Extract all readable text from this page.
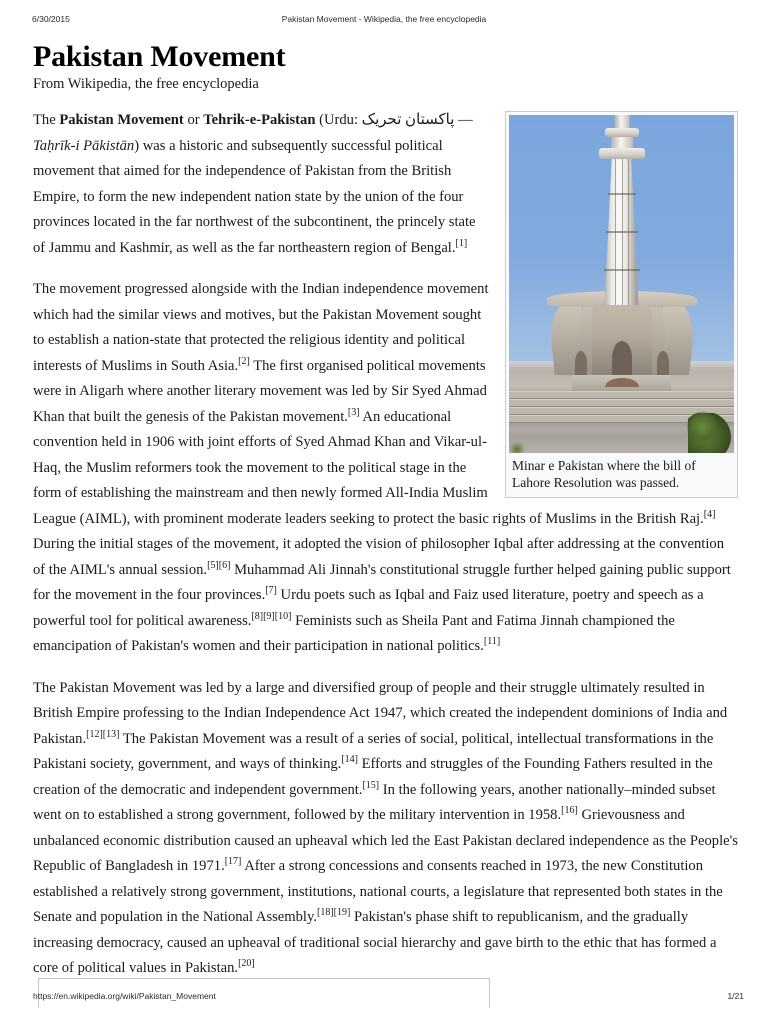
6/30/2015	Pakistan Movement - Wikipedia, the free encyclopedia
Pakistan Movement
From Wikipedia, the free encyclopedia
Minar e Pakistan where the bill of Lahore Resolution was passed.

The Pakistan Movement or Tehrik-e-Pakistan (Urdu: تحریک پاکستان — Taḥrīk-i Pākistān) was a historic and subsequently successful political movement that aimed for the independence of Pakistan from the British Empire, to form the new independent nation state by the union of the four provinces located in the far northwest of the subcontinent, the princely state of Jammu and Kashmir, as well as the far northeastern region of Bengal.[1]

The movement progressed alongside with the Indian independence movement which had the similar views and motives, but the Pakistan Movement sought to establish a nation-state that protected the religious identity and political interests of Muslims in South Asia.[2] The first organised political movements were in Aligarh where another literary movement was led by Sir Syed Ahmad Khan that built the genesis of the Pakistan movement.[3] An educational convention held in 1906 with joint efforts of Syed Ahmad Khan and Vikar-ul-Haq, the Muslim reformers took the movement to the political stage in the form of establishing the mainstream and then newly formed All-India Muslim League (AIML), with prominent moderate leaders seeking to protect the basic rights of Muslims in the British Raj.[4] During the initial stages of the movement, it adopted the vision of philosopher Iqbal after addressing at the convention of the AIML's annual session.[5][6] Muhammad Ali Jinnah's constitutional struggle further helped gaining public support for the movement in the four provinces.[7] Urdu poets such as Iqbal and Faiz used literature, poetry and speech as a powerful tool for political awareness.[8][9][10] Feminists such as Sheila Pant and Fatima Jinnah championed the emancipation of Pakistan's women and their participation in national politics.[11]

The Pakistan Movement was led by a large and diversified group of people and their struggle ultimately resulted in British Empire professing to the Indian Independence Act 1947, which created the independent dominions of India and Pakistan.[12][13] The Pakistan Movement was a result of a series of social, political, intellectual transformations in the Pakistani society, government, and ways of thinking.[14] Efforts and struggles of the Founding Fathers resulted in the creation of the democratic and independent government.[15] In the following years, another nationally–minded subset went on to established a strong government, followed by the military intervention in 1958.[16] Grievousness and unbalanced economic distribution caused an upheaval which led the East Pakistan declared independence as the People's Republic of Bangladesh in 1971.[17] After a strong concessions and consents reached in 1973, the new Constitution established a relatively strong government, institutions, national courts, a legislature that represented both states in the Senate and population in the National Assembly.[18][19] Pakistan's phase shift to republicanism, and the gradually increasing democracy, caused an upheaval of traditional social hierarchy and gave birth to the ethic that has formed a core of political values in Pakistan.[20]

https://en.wikipedia.org/wiki/Pakistan_Movement	1/21
